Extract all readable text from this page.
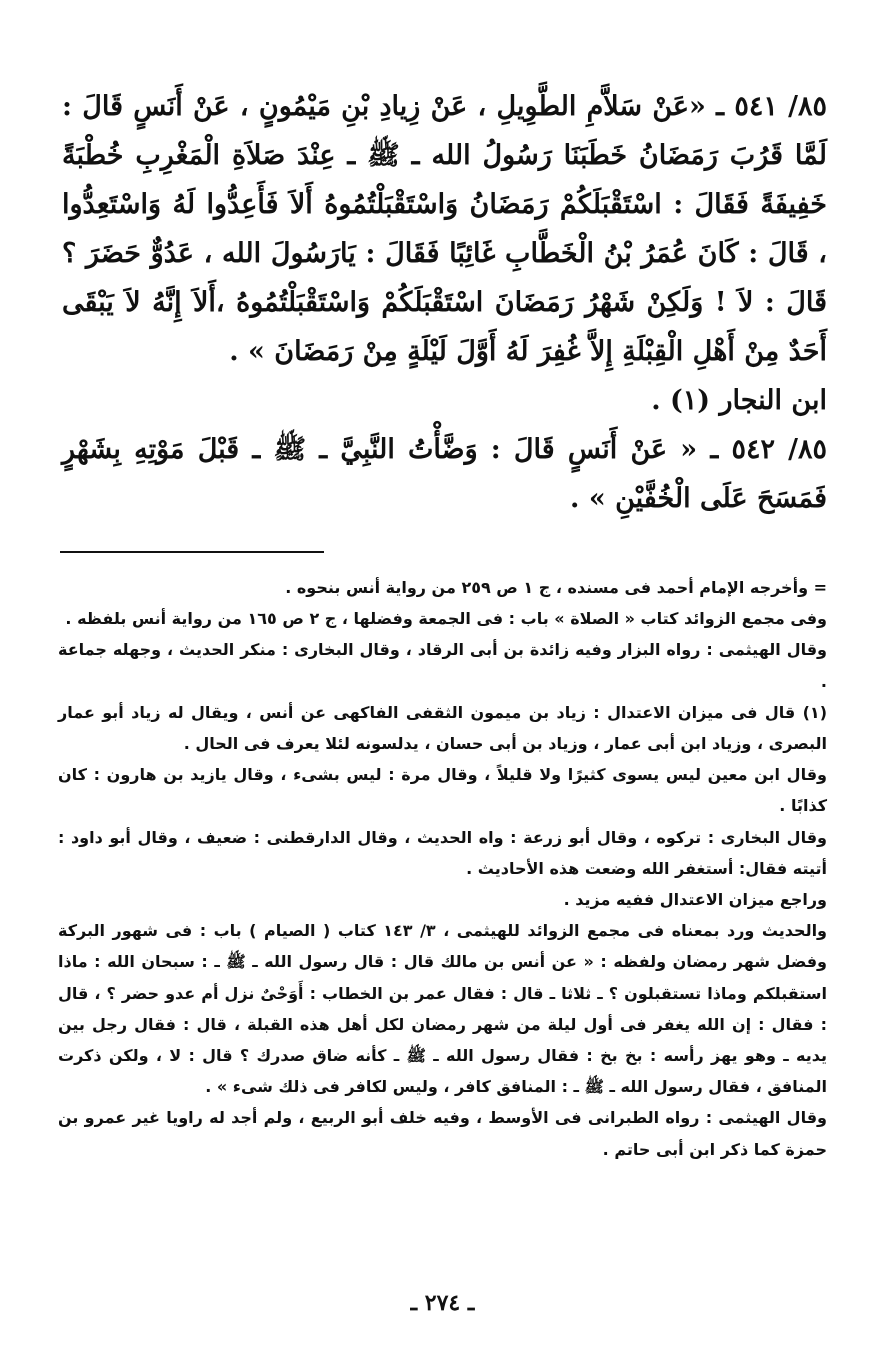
٨٥/ ٥٤١ ـ «عَنْ سَلاَّمِ الطَّوِيلِ ، عَنْ زِيادِ بْنِ مَيْمُونٍ ، عَنْ أَنَسٍ قَالَ : لَمَّا قَرُبَ رَمَضَانُ خَطَبَنَا رَسُولُ الله ـ ﷺ ـ عِنْدَ صَلاَةِ الْمَغْرِبِ خُطْبَةً خَفِيفَةً فَقَالَ : اسْتَقْبَلَكُمْ رَمَضَانُ وَاسْتَقْبَلْتُمُوهُ أَلاَ فَأَعِدُّوا لَهُ وَاسْتَعِدُّوا ، قَالَ : كَانَ عُمَرُ بْنُ الْخَطَّابِ غَائِبًا فَقَالَ : يَارَسُولَ الله ، عَدُوٌّ حَضَرَ ؟ قَالَ : لاَ ! وَلَكِنْ شَهْرُ رَمَضَانَ اسْتَقْبَلَكُمْ وَاسْتَقْبَلْتُمُوهُ ،أَلاَ إِنَّهُ لاَ يَبْقَى أَحَدٌ مِنْ أَهْلِ الْقِبْلَةِ إِلاَّ غُفِرَ لَهُ أَوَّلَ لَيْلَةٍ مِنْ رَمَضَانَ » .

ابن النجار (١) .

٨٥/ ٥٤٢ ـ « عَنْ أَنَسٍ قَالَ : وَضَّأْتُ النَّبِيَّ ـ ﷺ ـ قَبْلَ مَوْتِهِ بِشَهْرٍ فَمَسَحَ عَلَى الْخُفَّيْنِ » .

= وأخرجه الإمام أحمد فى مسنده ، ج ١ ص ٢٥٩ من رواية أنس بنحوه .

وفى مجمع الزوائد كتاب « الصلاة » باب : فى الجمعة وفضلها ، ج ٢ ص ١٦٥ من رواية أنس بلفظه .

وقال الهيثمى : رواه البزار وفيه زائدة بن أبى الرقاد ، وقال البخارى : منكر الحديث ، وجهله جماعة .

(١) قال فى ميزان الاعتدال : زياد بن ميمون الثقفى الفاكهى عن أنس ، ويقال له زياد أبو عمار البصرى ، وزياد ابن أبى عمار ، وزياد بن أبى حسان ، يدلسونه لئلا يعرف فى الحال .

وقال ابن معين ليس يسوى كثيرًا ولا قليلاً ، وقال مرة : ليس بشىء ، وقال يازيد بن هارون : كان كذابًا .

وقال البخارى : تركوه ، وقال أبو زرعة : واه الحديث ، وقال الدارقطنى : ضعيف ، وقال أبو داود : أتيته فقال: أستغفر الله وضعت هذه الأحاديث .

وراجع ميزان الاعتدال ففيه مزيد .

والحديث ورد بمعناه فى مجمع الزوائد للهيثمى ، ٣/ ١٤٣ كتاب ( الصيام ) باب : فى شهور البركة وفضل شهر رمضان ولفظه : « عن أنس بن مالك قال : قال رسول الله ـ ﷺ ـ : سبحان الله : ماذا استقبلكم وماذا تستقبلون ؟ ـ ثلاثا ـ قال : فقال عمر بن الخطاب : أَوَحْىٌ نزل أم عدو حضر ؟ ، قال : فقال : إن الله يغفر فى أول ليلة من شهر رمضان لكل أهل هذه القبلة ، قال : فقال رجل بين يديه ـ وهو يهز رأسه : بخ بخ : فقال رسول الله ـ ﷺ ـ كأنه ضاق صدرك ؟ قال : لا ، ولكن ذكرت المنافق ، فقال رسول الله ـ ﷺ ـ : المنافق كافر ، وليس لكافر فى ذلك شىء » .

وقال الهيثمى : رواه الطبرانى فى الأوسط ، وفيه خلف أبو الربيع ، ولم أجد له راويا غير عمرو بن حمزة كما ذكر ابن أبى حاتم .

ـ ٢٧٤ ـ
